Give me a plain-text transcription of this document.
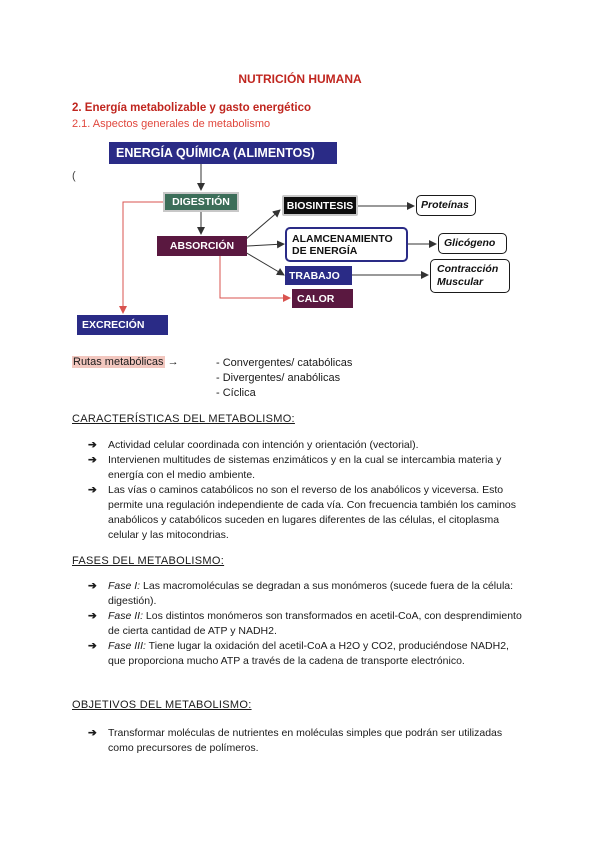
NUTRICIÓN HUMANA
2. Energía metabolizable y gasto energético
2.1. Aspectos generales de metabolismo
(
ENERGÍA QUÍMICA (ALIMENTOS)
DIGESTIÓN
ABSORCIÓN
BIOSINTESIS
ALAMCENAMIENTO
DE ENERGÍA
TRABAJO
CALOR
EXCRECIÓN
Proteínas
Glicógeno
Contracción
Muscular
Rutas metabólicas →	- Convergentes/ catabólicas
- Divergentes/ anabólicas
- Cíclica
CARACTERÍSTICAS DEL METABOLISMO:
➔ Actividad celular coordinada con intención y orientación (vectorial).
➔ Intervienen multitudes de sistemas enzimáticos y en la cual se intercambia materia y energía con el medio ambiente.
➔ Las vías o caminos catabólicos no son el reverso de los anabólicos y viceversa. Esto permite una regulación independiente de cada vía. Con frecuencia también los caminos anabólicos y catabólicos suceden en lugares diferentes de las células, el citoplasma celular y las mitocondrias.
FASES DEL METABOLISMO:
➔ Fase I: Las macromoléculas se degradan a sus monómeros (sucede fuera de la célula: digestión).
➔ Fase II: Los distintos monómeros son transformados en acetil-CoA, con desprendimiento de cierta cantidad de ATP y NADH2.
➔ Fase III: Tiene lugar la oxidación del acetil-CoA a H2O y CO2, produciéndose NADH2, que proporciona mucho ATP a través de la cadena de transporte electrónico.
OBJETIVOS DEL METABOLISMO:
➔ Transformar moléculas de nutrientes en moléculas simples que podrán ser utilizadas como precursores de polímeros.
